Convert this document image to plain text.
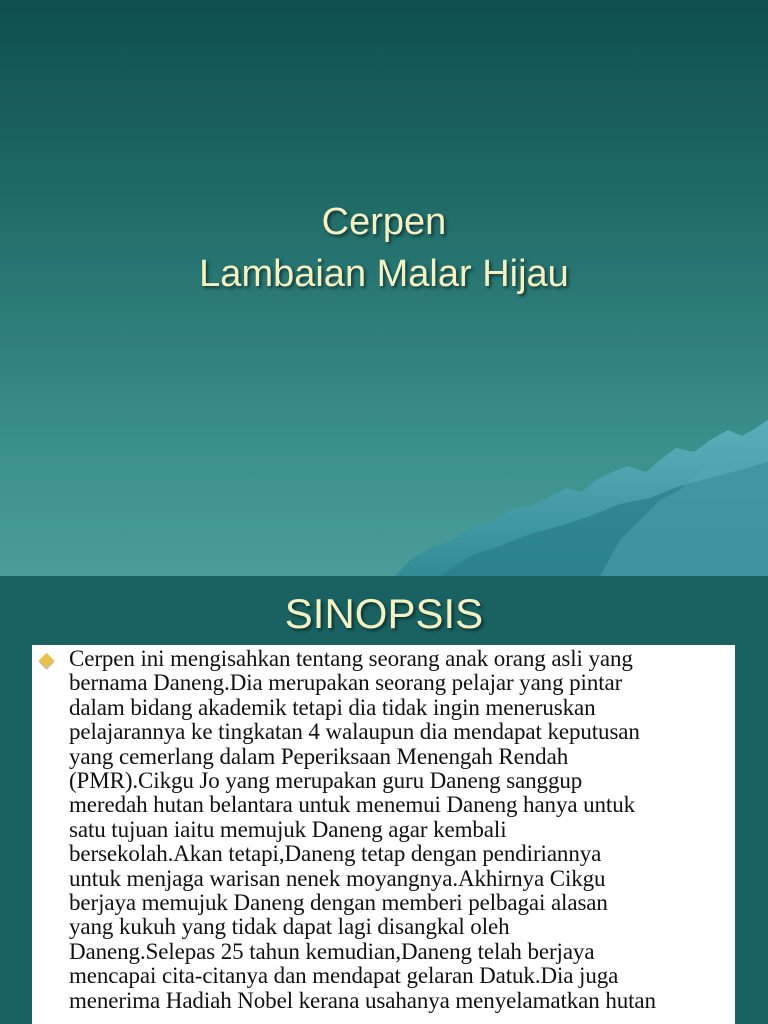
Cerpen
Lambaian Malar Hijau
SINOPSIS
Cerpen ini mengisahkan tentang seorang anak orang asli yang
bernama Daneng.Dia merupakan seorang pelajar yang pintar
dalam bidang akademik tetapi dia tidak ingin meneruskan
pelajarannya ke tingkatan 4 walaupun dia mendapat keputusan
yang cemerlang dalam Peperiksaan Menengah Rendah
(PMR).Cikgu Jo yang merupakan guru Daneng sanggup
meredah hutan belantara untuk menemui Daneng hanya untuk
satu tujuan iaitu memujuk Daneng agar kembali
bersekolah.Akan tetapi,Daneng tetap dengan pendiriannya
untuk menjaga warisan nenek moyangnya.Akhirnya Cikgu
berjaya memujuk Daneng dengan memberi pelbagai alasan
yang kukuh yang tidak dapat lagi disangkal oleh
Daneng.Selepas 25 tahun kemudian,Daneng telah berjaya
mencapai cita-citanya dan mendapat gelaran Datuk.Dia juga
menerima Hadiah Nobel kerana usahanya menyelamatkan hutan
